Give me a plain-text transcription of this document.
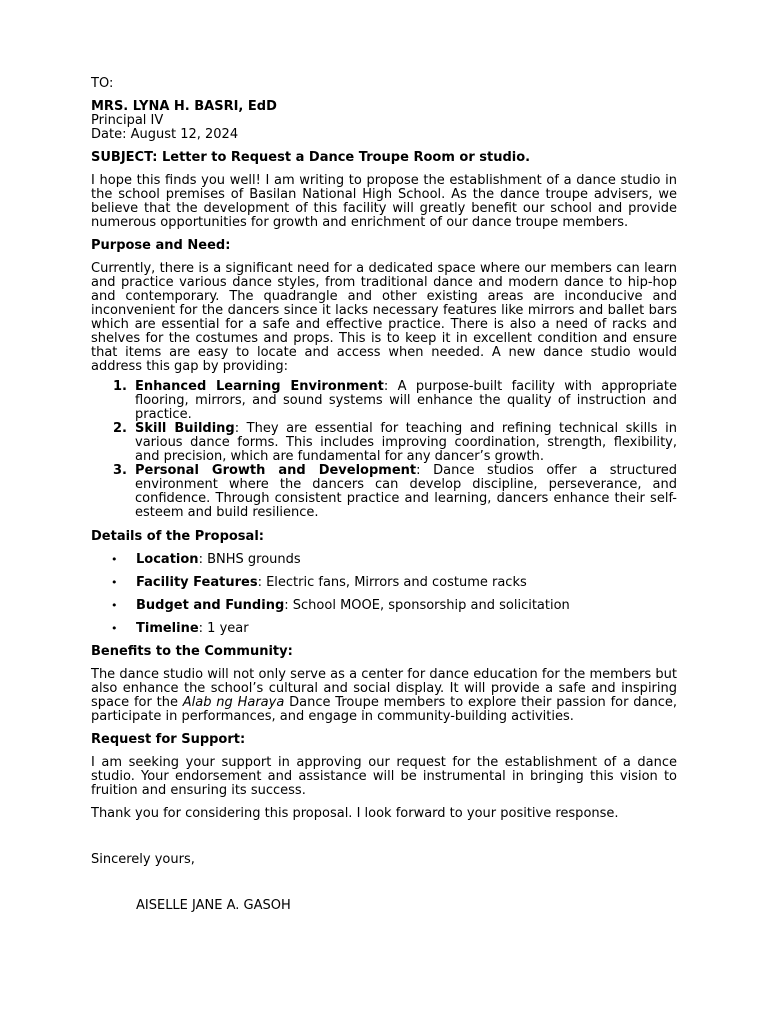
TO:

MRS. LYNA H. BASRI, EdD

Principal IV

Date: August 12, 2024

SUBJECT: Letter to Request a Dance Troupe Room or studio.

I hope this finds you well! I am writing to propose the establishment of a dance studio in the school premises of Basilan National High School. As the dance troupe advisers, we believe that the development of this facility will greatly benefit our school and provide numerous opportunities for growth and enrichment of our dance troupe members.

Purpose and Need:

Currently, there is a significant need for a dedicated space where our members can learn and practice various dance styles, from traditional dance and modern dance to hip-hop and contemporary. The quadrangle and other existing areas are inconducive and inconvenient for the dancers since it lacks necessary features like mirrors and ballet bars which are essential for a safe and effective practice. There is also a need of racks and shelves for the costumes and props. This is to keep it in excellent condition and ensure that items are easy to locate and access when needed. A new dance studio would address this gap by providing:

1. Enhanced Learning Environment: A purpose-built facility with appropriate flooring, mirrors, and sound systems will enhance the quality of instruction and practice.
2. Skill Building: They are essential for teaching and refining technical skills in various dance forms. This includes improving coordination, strength, flexibility, and precision, which are fundamental for any dancer’s growth.
3. Personal Growth and Development: Dance studios offer a structured environment where the dancers can develop discipline, perseverance, and confidence. Through consistent practice and learning, dancers enhance their self-esteem and build resilience.

Details of the Proposal:

• Location: BNHS grounds
• Facility Features: Electric fans, Mirrors and costume racks
• Budget and Funding: School MOOE, sponsorship and solicitation
• Timeline: 1 year

Benefits to the Community:

The dance studio will not only serve as a center for dance education for the members but also enhance the school’s cultural and social display. It will provide a safe and inspiring space for the Alab ng Haraya Dance Troupe members to explore their passion for dance, participate in performances, and engage in community-building activities.

Request for Support:

I am seeking your support in approving our request for the establishment of a dance studio. Your endorsement and assistance will be instrumental in bringing this vision to fruition and ensuring its success.

Thank you for considering this proposal. I look forward to your positive response.

Sincerely yours,

AISELLE JANE A. GASOH
